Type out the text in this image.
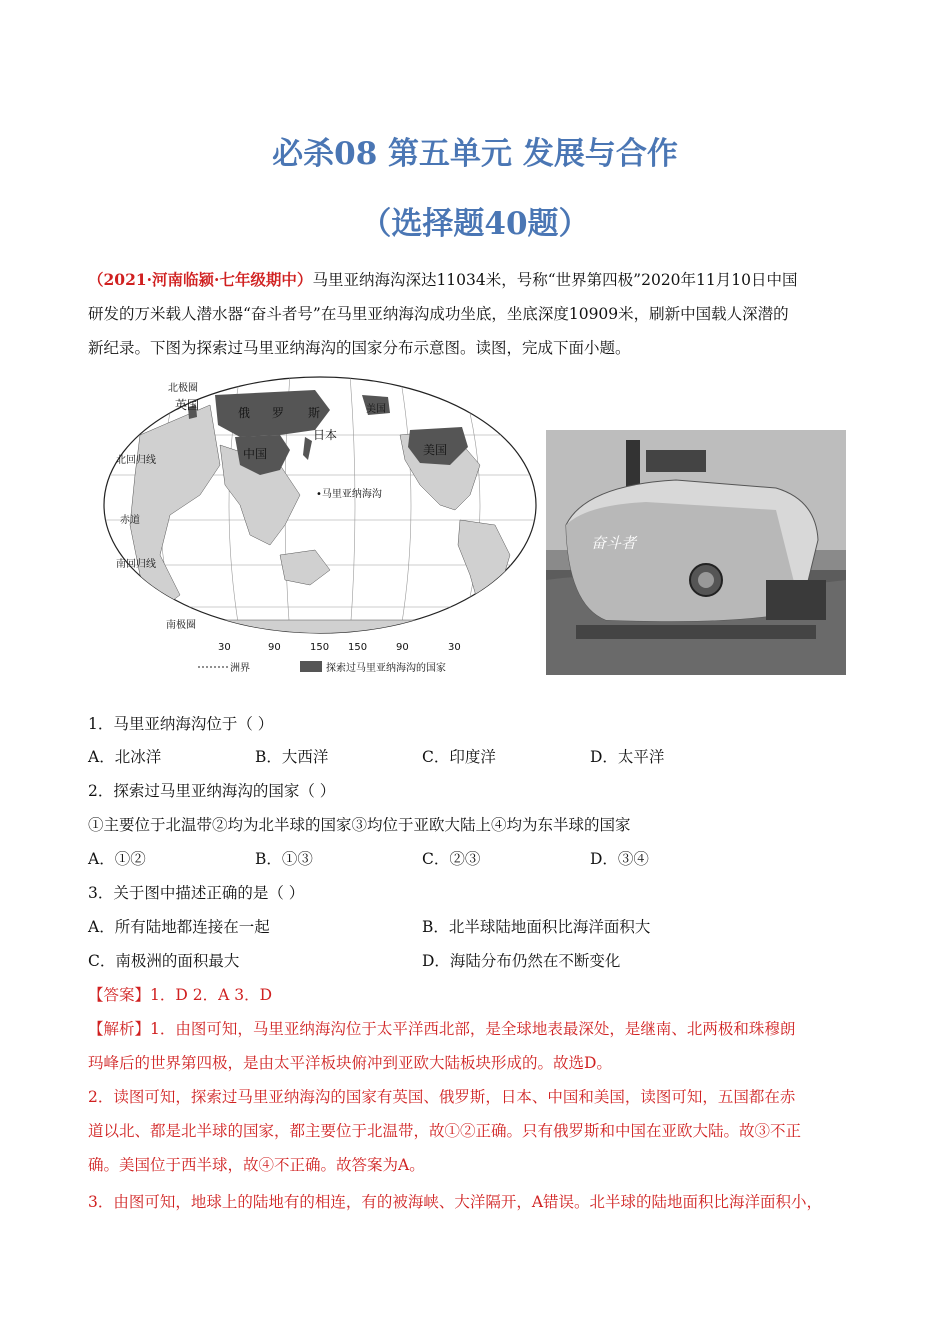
必杀08 第五单元 发展与合作
（选择题40题）
（2021·河南临颍·七年级期中）马里亚纳海沟深达11034米，号称“世界第四极”2020年11月10日中国
研发的万米载人潜水器“奋斗者号”在马里亚纳海沟成功坐底，坐底深度10909米，刷新中国载人深潜的
新纪录。下图为探索过马里亚纳海沟的国家分布示意图。读图，完成下面小题。
北极圈
北回归线
赤道
南回归线
南极圈
英国
俄 罗 斯
中国
日本
美国
美国
•马里亚纳海沟
30	90	150 150	90	30
洲界	探索过马里亚纳海沟的国家
奋斗者
1．马里亚纳海沟位于（ ）
A．北冰洋	B．大西洋	C．印度洋	D．太平洋
2．探索过马里亚纳海沟的国家（ ）
①主要位于北温带②均为北半球的国家③均位于亚欧大陆上④均为东半球的国家
A．①②	B．①③	C．②③	D．③④
3．关于图中描述正确的是（ ）
A．所有陆地都连接在一起	B．北半球陆地面积比海洋面积大
C．南极洲的面积最大	D．海陆分布仍然在不断变化
【答案】1．D 2．A 3．D
【解析】1．由图可知，马里亚纳海沟位于太平洋西北部，是全球地表最深处，是继南、北两极和珠穆朗
玛峰后的世界第四极，是由太平洋板块俯冲到亚欧大陆板块形成的。故选D。
2．读图可知，探索过马里亚纳海沟的国家有英国、俄罗斯，日本、中国和美国，读图可知，五国都在赤
道以北、都是北半球的国家，都主要位于北温带，故①②正确。只有俄罗斯和中国在亚欧大陆。故③不正
确。美国位于西半球，故④不正确。故答案为A。
3．由图可知，地球上的陆地有的相连，有的被海峡、大洋隔开，A错误。北半球的陆地面积比海洋面积小，
